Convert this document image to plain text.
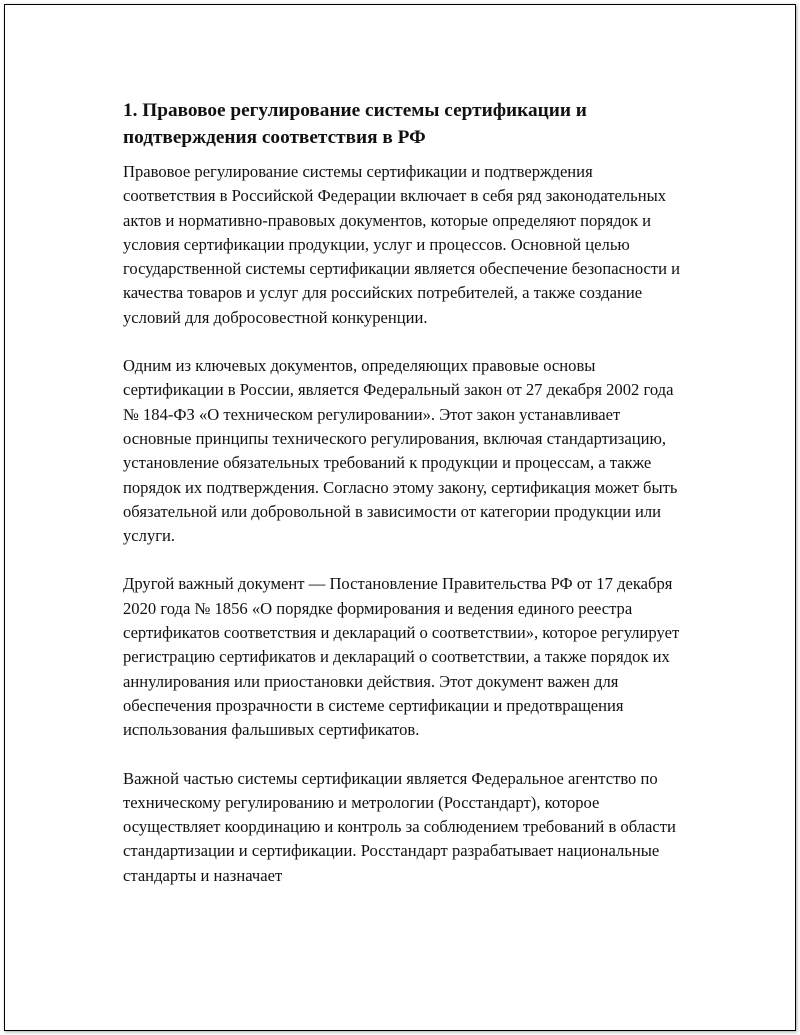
1. Правовое регулирование системы сертификации и подтверждения соответствия в РФ

Правовое регулирование системы сертификации и подтверждения соответствия в Российской Федерации включает в себя ряд законодательных актов и нормативно-правовых документов, которые определяют порядок и условия сертификации продукции, услуг и процессов. Основной целью государственной системы сертификации является обеспечение безопасности и качества товаров и услуг для российских потребителей, а также создание условий для добросовестной конкуренции.

Одним из ключевых документов, определяющих правовые основы сертификации в России, является Федеральный закон от 27 декабря 2002 года № 184-ФЗ «О техническом регулировании». Этот закон устанавливает основные принципы технического регулирования, включая стандартизацию, установление обязательных требований к продукции и процессам, а также порядок их подтверждения. Согласно этому закону, сертификация может быть обязательной или добровольной в зависимости от категории продукции или услуги.

Другой важный документ — Постановление Правительства РФ от 17 декабря 2020 года № 1856 «О порядке формирования и ведения единого реестра сертификатов соответствия и деклараций о соответствии», которое регулирует регистрацию сертификатов и деклараций о соответствии, а также порядок их аннулирования или приостановки действия. Этот документ важен для обеспечения прозрачности в системе сертификации и предотвращения использования фальшивых сертификатов.

Важной частью системы сертификации является Федеральное агентство по техническому регулированию и метрологии (Росстандарт), которое осуществляет координацию и контроль за соблюдением требований в области стандартизации и сертификации. Росстандарт разрабатывает национальные стандарты и назначает
